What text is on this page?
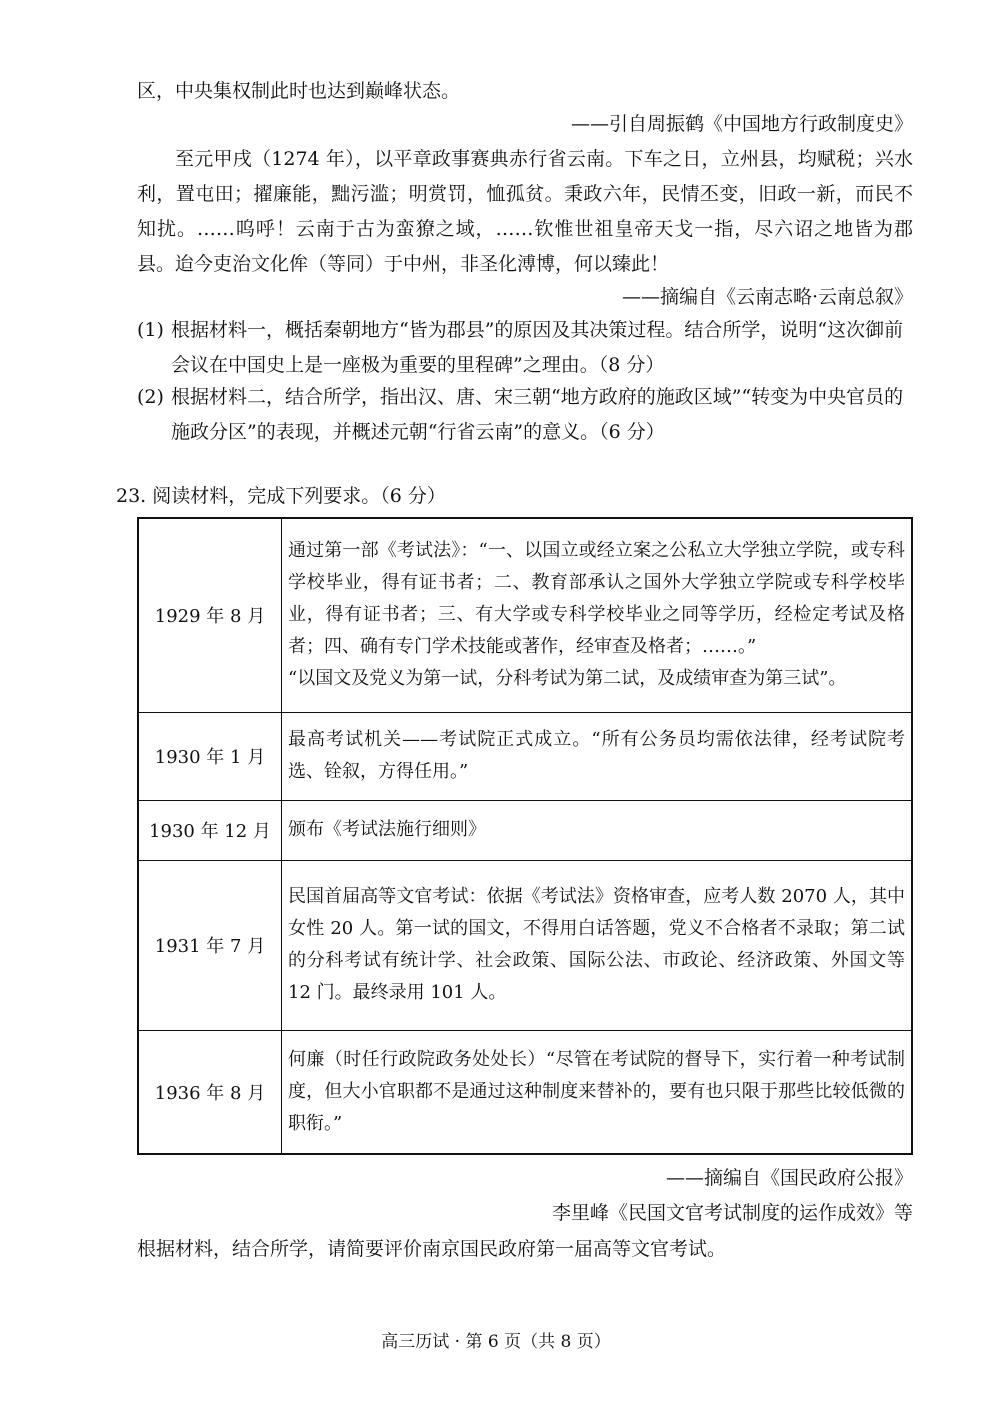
区，中央集权制此时也达到巅峰状态。
——引自周振鹤《中国地方行政制度史》
至元甲戌（1274 年），以平章政事赛典赤行省云南。下车之日，立州县，均赋税；兴水利，置屯田；擢廉能，黜污滥；明赏罚，恤孤贫。秉政六年，民情丕变，旧政一新，而民不知扰。……呜呼！云南于古为蛮獠之域，……钦惟世祖皇帝天戈一指，尽六诏之地皆为郡县。迨今吏治文化侔（等同）于中州，非圣化溥博，何以臻此！
——摘编自《云南志略·云南总叙》
(1) 根据材料一，概括秦朝地方“皆为郡县”的原因及其决策过程。结合所学，说明“这次御前会议在中国史上是一座极为重要的里程碑”之理由。（8 分）
(2) 根据材料二，结合所学，指出汉、唐、宋三朝“地方政府的施政区域”“转变为中央官员的施政分区”的表现，并概述元朝“行省云南”的意义。（6 分）
23. 阅读材料，完成下列要求。（6 分）
1929 年 8 月	通过第一部《考试法》：“一、以国立或经立案之公私立大学独立学院，或专科学校毕业，得有证书者；二、教育部承认之国外大学独立学院或专科学校毕业，得有证书者；三、有大学或专科学校毕业之同等学历，经检定考试及格者；四、确有专门学术技能或著作，经审查及格者；……。”
“以国文及党义为第一试，分科考试为第二试，及成绩审查为第三试”。

1930 年 1 月	最高考试机关——考试院正式成立。“所有公务员均需依法律，经考试院考选、铨叙，方得任用。”
1930 年 12 月	颁布《考试法施行细则》
1931 年 7 月	民国首届高等文官考试：依据《考试法》资格审查，应考人数 2070 人，其中女性 20 人。第一试的国文，不得用白话答题，党义不合格者不录取；第二试的分科考试有统计学、社会政策、国际公法、市政论、经济政策、外国文等 12 门。最终录用 101 人。
1936 年 8 月	何廉（时任行政院政务处处长）“尽管在考试院的督导下，实行着一种考试制度，但大小官职都不是通过这种制度来替补的，要有也只限于那些比较低微的职衔。”
——摘编自《国民政府公报》
李里峰《民国文官考试制度的运作成效》等
根据材料，结合所学，请简要评价南京国民政府第一届高等文官考试。
高三历试 · 第 6 页（共 8 页）
